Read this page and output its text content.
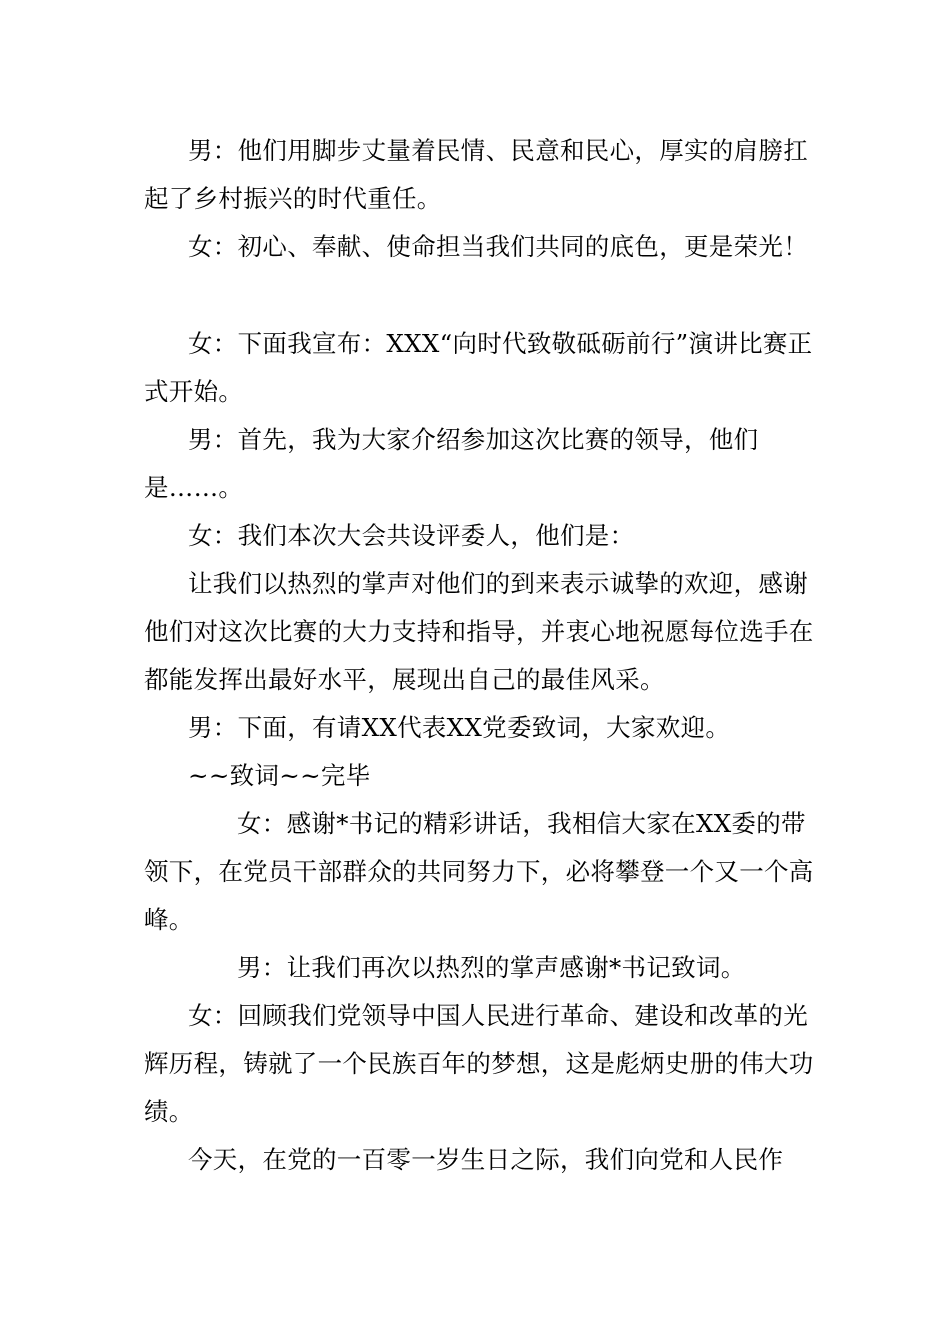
男：他们用脚步丈量着民情、民意和民心，厚实的肩膀扛起了乡村振兴的时代重任。

女：初心、奉献、使命担当我们共同的底色，更是荣光！

女：下面我宣布：XXX“向时代致敬砥砺前行”演讲比赛正式开始。

男：首先，我为大家介绍参加这次比赛的领导，他们是……。

女：我们本次大会共设评委人，他们是：

让我们以热烈的掌声对他们的到来表示诚挚的欢迎，感谢他们对这次比赛的大力支持和指导，并衷心地祝愿每位选手在都能发挥出最好水平，展现出自己的最佳风采。

男：下面，有请XX代表XX党委致词，大家欢迎。

~~致词~~完毕

女：感谢*书记的精彩讲话，我相信大家在XX委的带领下，在党员干部群众的共同努力下，必将攀登一个又一个高峰。

男：让我们再次以热烈的掌声感谢*书记致词。

女：回顾我们党领导中国人民进行革命、建设和改革的光辉历程，铸就了一个民族百年的梦想，这是彪炳史册的伟大功绩。

今天，在党的一百零一岁生日之际，我们向党和人民作
